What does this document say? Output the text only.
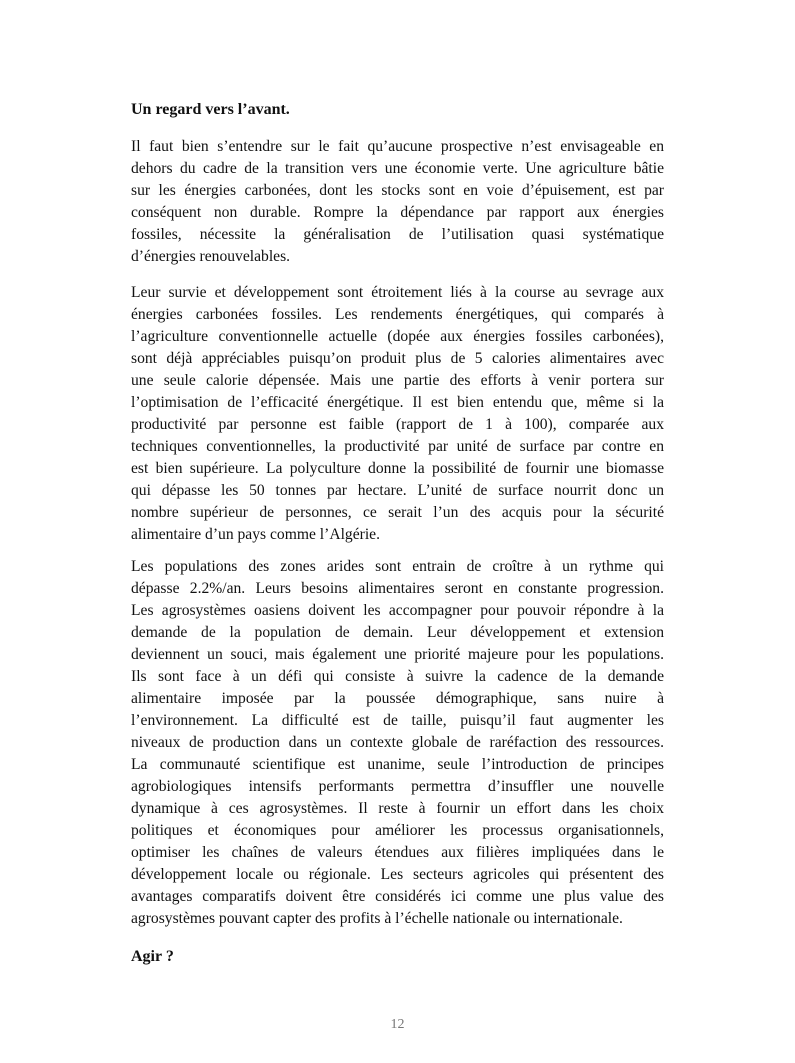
Un regard vers l’avant.
Il faut bien s’entendre sur le fait qu’aucune prospective n’est envisageable en
dehors du cadre de la transition vers une économie verte. Une agriculture bâtie
sur les énergies carbonées, dont les stocks sont en voie d’épuisement, est par
conséquent non durable. Rompre la dépendance par rapport aux énergies
fossiles, nécessite la généralisation de l’utilisation quasi systématique
d’énergies renouvelables.
Leur survie et développement sont étroitement liés à la course au sevrage aux
énergies carbonées fossiles. Les rendements énergétiques, qui comparés à
l’agriculture conventionnelle actuelle (dopée aux énergies fossiles carbonées),
sont déjà appréciables puisqu’on produit plus de 5 calories alimentaires avec
une seule calorie dépensée. Mais une partie des efforts à venir portera sur
l’optimisation de l’efficacité énergétique. Il est bien entendu que, même si la
productivité par personne est faible (rapport de 1 à 100), comparée aux
techniques conventionnelles, la productivité par unité de surface par contre en
est bien supérieure. La polyculture donne la possibilité de fournir une biomasse
qui dépasse les 50 tonnes par hectare. L’unité de surface nourrit donc un
nombre supérieur de personnes, ce serait l’un des acquis pour la sécurité
alimentaire d’un pays comme l’Algérie.
Les populations des zones arides sont entrain de croître à un rythme qui
dépasse 2.2%/an. Leurs besoins alimentaires seront en constante progression.
Les agrosystèmes oasiens doivent les accompagner pour pouvoir répondre à la
demande de la population de demain. Leur développement et extension
deviennent un souci, mais également une priorité majeure pour les populations.
Ils sont face à un défi qui consiste à suivre la cadence de la demande
alimentaire imposée par la poussée démographique, sans nuire à
l’environnement. La difficulté est de taille, puisqu’il faut augmenter les
niveaux de production dans un contexte globale de raréfaction des ressources.
La communauté scientifique est unanime, seule l’introduction de principes
agrobiologiques intensifs performants permettra d’insuffler une nouvelle
dynamique à ces agrosystèmes. Il reste à fournir un effort dans les choix
politiques et économiques pour améliorer les processus organisationnels,
optimiser les chaînes de valeurs étendues aux filières impliquées dans le
développement locale ou régionale. Les secteurs agricoles qui présentent des
avantages comparatifs doivent être considérés ici comme une plus value des
agrosystèmes pouvant capter des profits à l’échelle nationale ou internationale.
Agir ?
12
